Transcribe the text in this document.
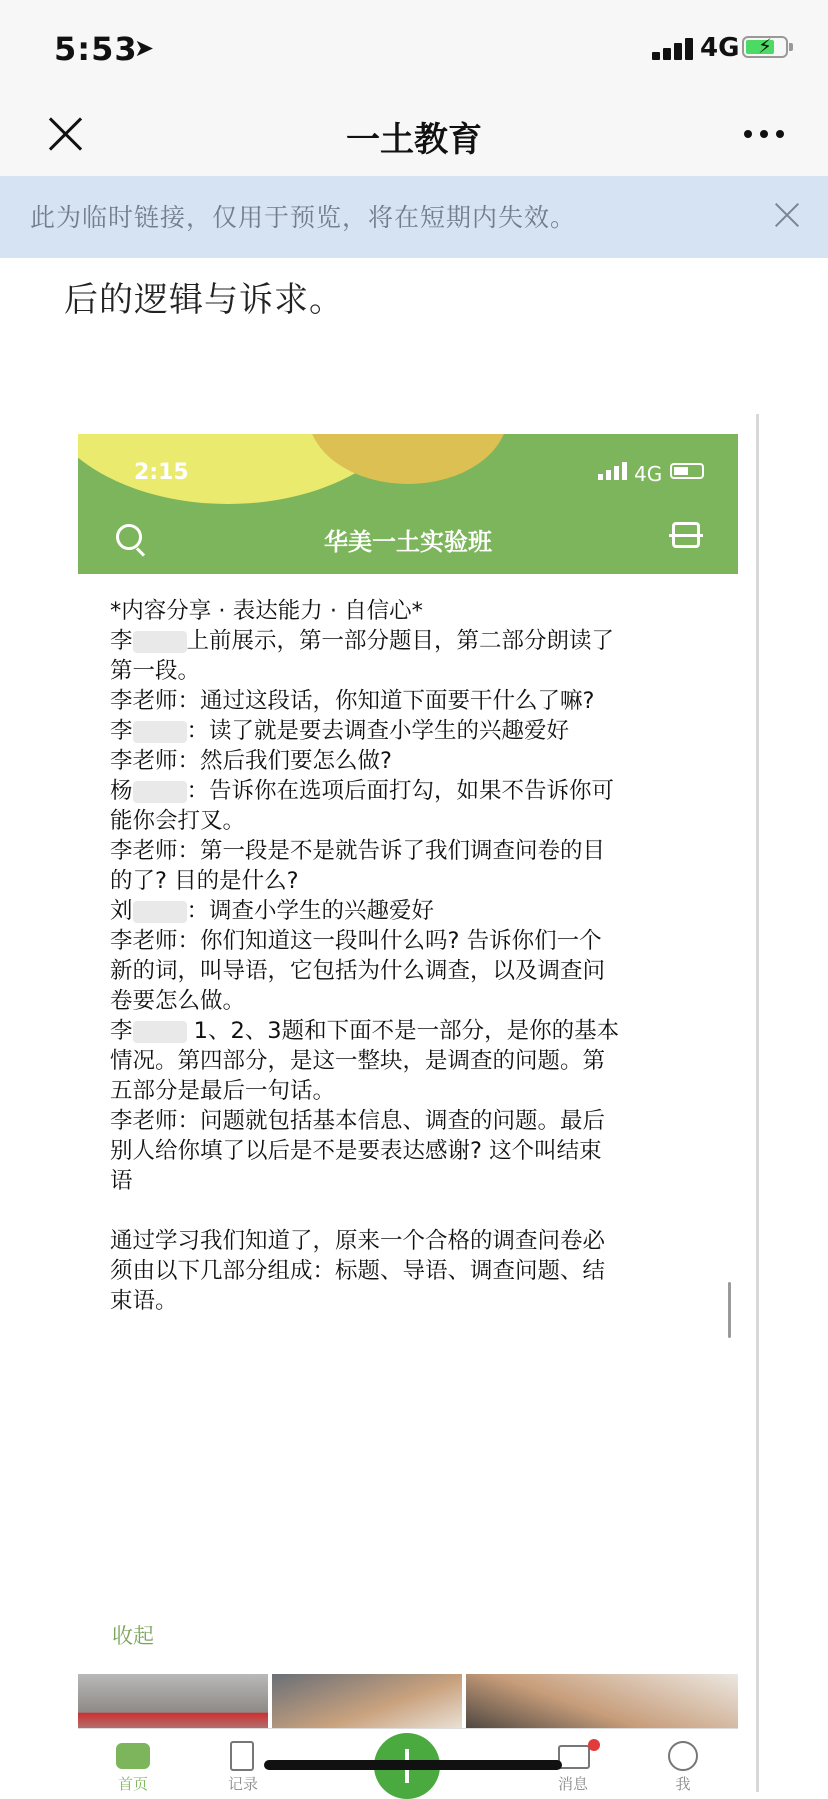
5:53
➤	4G ⚡
一土教育
此为临时链接，仅用于预览，将在短期内失效。
后的逻辑与诉求。
2:15	4G
华美一土实验班
*内容分享 · 表达能力 · 自信心*
李 上前展示，第一部分题目，第二部分朗读了
第一段。
李老师：通过这段话，你知道下面要干什么了嘛?
李 ：读了就是要去调查小学生的兴趣爱好
李老师：然后我们要怎么做?
杨 ：告诉你在选项后面打勾，如果不告诉你可
能你会打叉。
李老师：第一段是不是就告诉了我们调查问卷的目
的了? 目的是什么?
刘 ：调查小学生的兴趣爱好
李老师：你们知道这一段叫什么吗? 告诉你们一个
新的词，叫导语，它包括为什么调查，以及调查问
卷要怎么做。
李 1、2、3题和下面不是一部分，是你的基本
情况。第四部分，是这一整块，是调查的问题。第
五部分是最后一句话。
李老师：问题就包括基本信息、调查的问题。最后
别人给你填了以后是不是要表达感谢? 这个叫结束
语
通过学习我们知道了，原来一个合格的调查问卷必
须由以下几部分组成：标题、导语、调查问题、结
束语。
收起
首页	记录	消息	我
